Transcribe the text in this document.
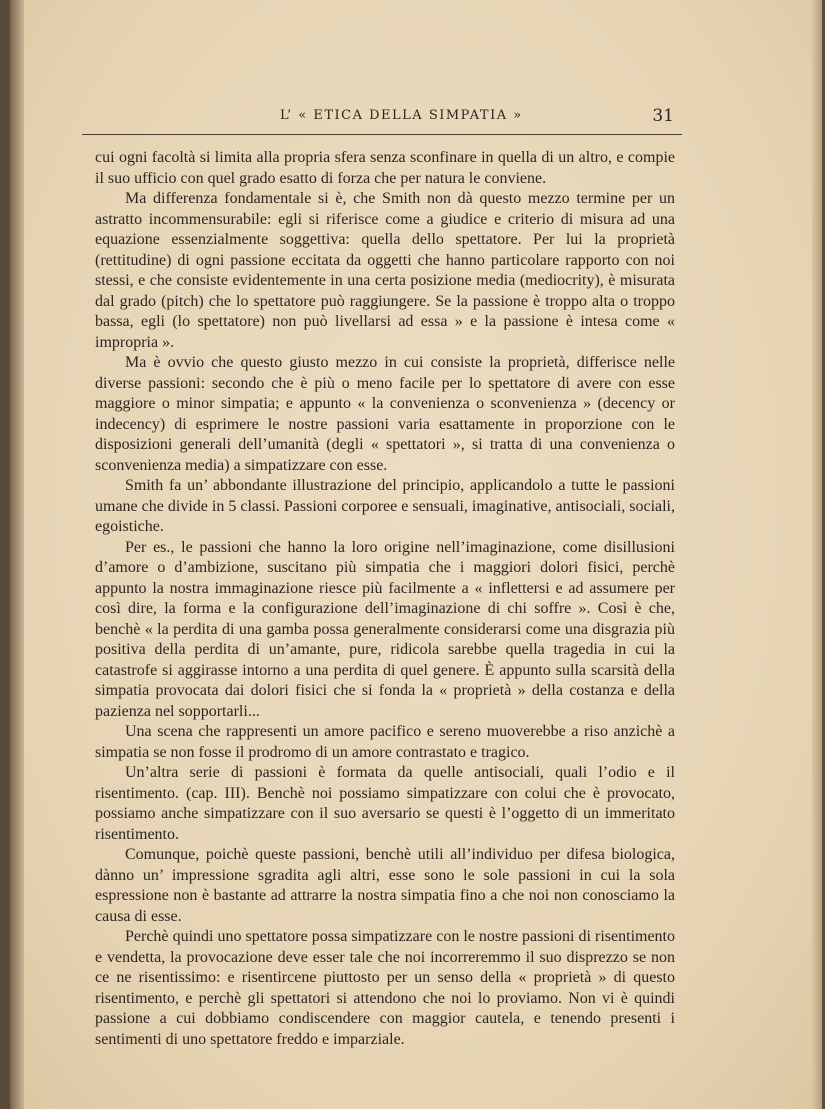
L’ « ETICA DELLA SIMPATIA »	31

cui ogni facoltà si limita alla propria sfera senza sconfinare in quella di un altro, e compie il suo ufficio con quel grado esatto di forza che per natura le conviene.

Ma differenza fondamentale si è, che Smith non dà questo mezzo termine per un astratto incommensurabile: egli si riferisce come a giudice e criterio di misura ad una equazione essenzialmente soggettiva: quella dello spettatore. Per lui la proprietà (rettitudine) di ogni passione eccitata da oggetti che hanno particolare rapporto con noi stessi, e che consiste evidentemente in una certa posizione media (mediocrity), è misurata dal grado (pitch) che lo spettatore può raggiungere. Se la passione è troppo alta o troppo bassa, egli (lo spettatore) non può livellarsi ad essa » e la passione è intesa come « impropria ».

Ma è ovvio che questo giusto mezzo in cui consiste la proprietà, differisce nelle diverse passioni: secondo che è più o meno facile per lo spettatore di avere con esse maggiore o minor simpatia; e appunto « la convenienza o sconvenienza » (decency or indecency) di esprimere le nostre passioni varia esattamente in proporzione con le disposizioni generali dell’umanità (degli « spettatori », si tratta di una convenienza o sconvenienza media) a simpatizzare con esse.

Smith fa un’ abbondante illustrazione del principio, applicandolo a tutte le passioni umane che divide in 5 classi. Passioni corporee e sensuali, imaginative, antisociali, sociali, egoistiche.

Per es., le passioni che hanno la loro origine nell’imaginazione, come disillusioni d’amore o d’ambizione, suscitano più simpatia che i maggiori dolori fisici, perchè appunto la nostra immaginazione riesce più facilmente a « inflettersi e ad assumere per così dire, la forma e la configurazione dell’imaginazione di chi soffre ». Così è che, benchè « la perdita di una gamba possa generalmente considerarsi come una disgrazia più positiva della perdita di un’amante, pure, ridicola sarebbe quella tragedia in cui la catastrofe si aggirasse intorno a una perdita di quel genere. È appunto sulla scarsità della simpatia provocata dai dolori fisici che si fonda la « proprietà » della costanza e della pazienza nel sopportarli...

Una scena che rappresenti un amore pacifico e sereno muoverebbe a riso anzichè a simpatia se non fosse il prodromo di un amore contrastato e tragico.

Un’altra serie di passioni è formata da quelle antisociali, quali l’odio e il risentimento. (cap. III). Benchè noi possiamo simpatizzare con colui che è provocato, possiamo anche simpatizzare con il suo aversario se questi è l’oggetto di un immeritato risentimento.

Comunque, poichè queste passioni, benchè utili all’individuo per difesa biologica, dànno un’ impressione sgradita agli altri, esse sono le sole passioni in cui la sola espressione non è bastante ad attrarre la nostra simpatia fino a che noi non conosciamo la causa di esse.

Perchè quindi uno spettatore possa simpatizzare con le nostre passioni di risentimento e vendetta, la provocazione deve esser tale che noi incorreremmo il suo disprezzo se non ce ne risentissimo: e risentircene piuttosto per un senso della « proprietà » di questo risentimento, e perchè gli spettatori si attendono che noi lo proviamo. Non vi è quindi passione a cui dobbiamo condiscendere con maggior cautela, e tenendo presenti i sentimenti di uno spettatore freddo e imparziale.
